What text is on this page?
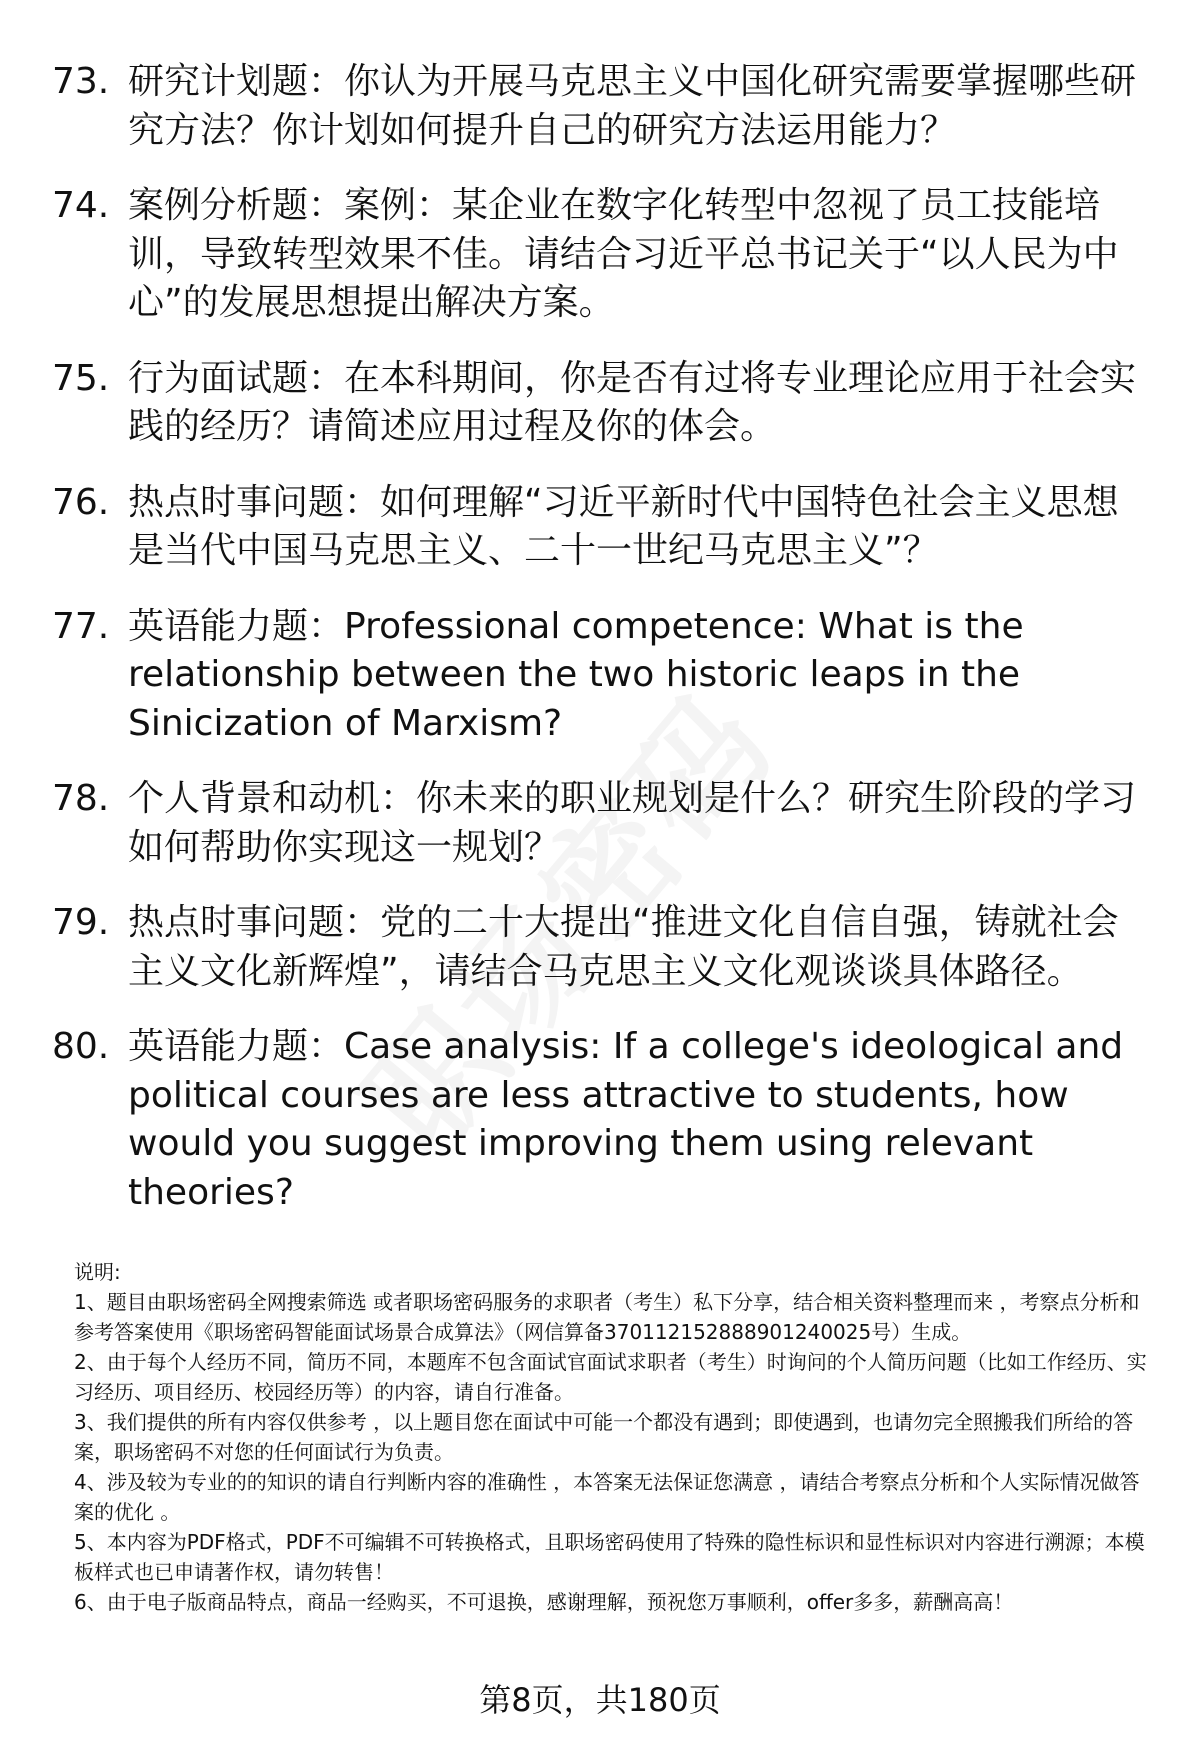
73. 研究计划题：你认为开展马克思主义中国化研究需要掌握哪些研究方法？你计划如何提升自己的研究方法运用能力？
74. 案例分析题：案例：某企业在数字化转型中忽视了员工技能培训，导致转型效果不佳。请结合习近平总书记关于“以人民为中心”的发展思想提出解决方案。
75. 行为面试题：在本科期间，你是否有过将专业理论应用于社会实践的经历？请简述应用过程及你的体会。
76. 热点时事问题：如何理解“习近平新时代中国特色社会主义思想是当代中国马克思主义、二十一世纪马克思主义”？
77. 英语能力题：Professional competence: What is the relationship between the two historic leaps in the Sinicization of Marxism?
78. 个人背景和动机：你未来的职业规划是什么？研究生阶段的学习如何帮助你实现这一规划？
79. 热点时事问题：党的二十大提出“推进文化自信自强，铸就社会主义文化新辉煌”，请结合马克思主义文化观谈谈具体路径。
80. 英语能力题：Case analysis: If a college's ideological and political courses are less attractive to students, how would you suggest improving them using relevant theories?

说明:

1、题目由职场密码全网搜索筛选 或者职场密码服务的求职者（考生）私下分享，结合相关资料整理而来 ，考察点分析和参考答案使用《职场密码智能面试场景合成算法》（网信算备370112152888901240025号）生成。

2、由于每个人经历不同，简历不同，本题库不包含面试官面试求职者（考生）时询问的个人简历问题（比如工作经历、实习经历、项目经历、校园经历等）的内容，请自行准备。

3、我们提供的所有内容仅供参考 ，以上题目您在面试中可能一个都没有遇到；即使遇到，也请勿完全照搬我们所给的答案，职场密码不对您的任何面试行为负责。

4、涉及较为专业的的知识的请自行判断内容的准确性 ，本答案无法保证您满意 ，请结合考察点分析和个人实际情况做答案的优化 。

5、本内容为PDF格式，PDF不可编辑不可转换格式，且职场密码使用了特殊的隐性标识和显性标识对内容进行溯源；本模板样式也已申请著作权，请勿转售！

6、由于电子版商品特点，商品一经购买，不可退换，感谢理解，预祝您万事顺利，offer多多，薪酬高高！

第8页，共180页
